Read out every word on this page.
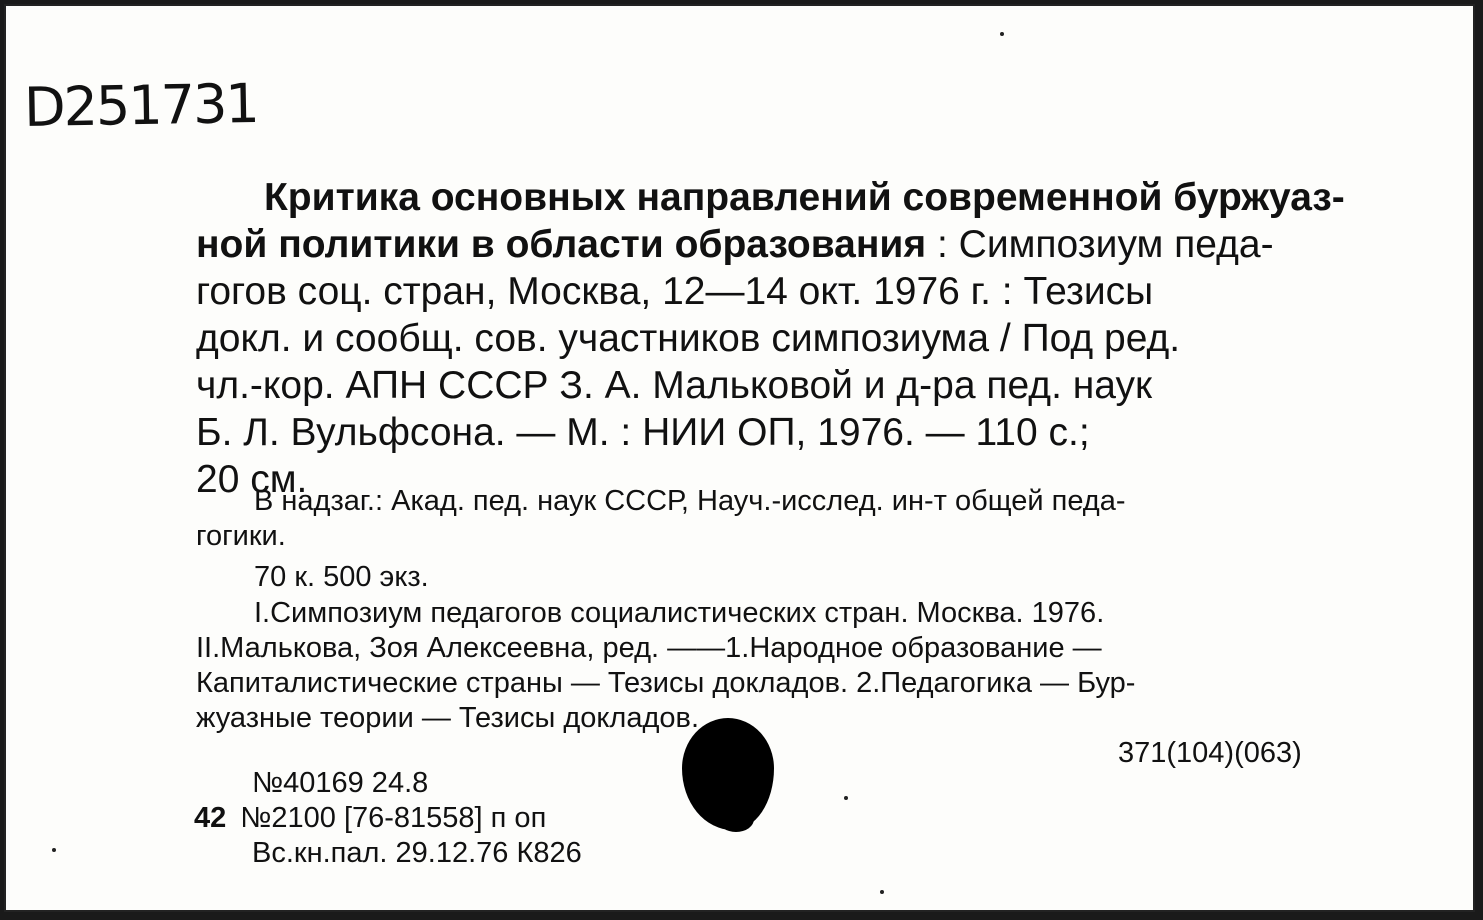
D251731
Критика основных направлений современной буржуаз-
ной политики в области образования : Симпозиум педа-
гогов соц. стран, Москва, 12—14 окт. 1976 г. : Тезисы
докл. и сообщ. сов. участников симпозиума / Под ред.
чл.-кор. АПН СССР З. А. Мальковой и д-ра пед. наук
Б. Л. Вульфсона. — М. : НИИ ОП, 1976. — 110 с.;
20 см.
В надзаг.: Акад. пед. наук СССР, Науч.-исслед. ин-т общей педа-
гогики.
70 к. 500 экз.
I.Симпозиум педагогов социалистических стран. Москва. 1976.
II.Малькова, Зоя Алексеевна, ред. ——1.Народное образование —
Капиталистические страны — Тезисы докладов. 2.Педагогика — Бур-
жуазные теории — Тезисы докладов.
371(104)(063)
№40169 24.8
42 №2100 [76-81558] п оп
Вс.кн.пал. 29.12.76 К826
